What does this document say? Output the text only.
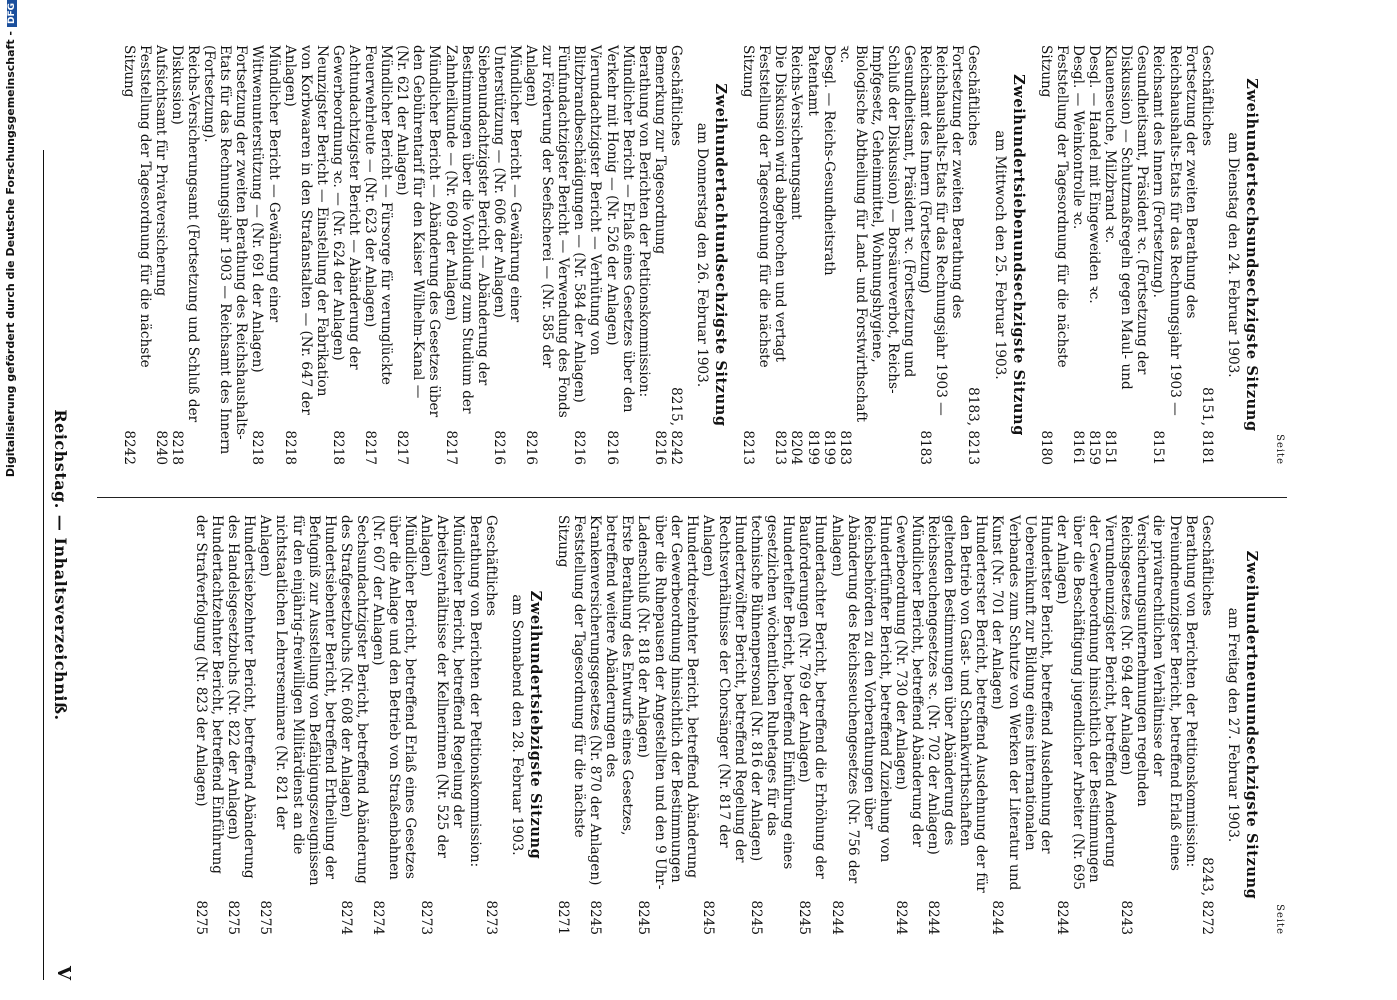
Reichstag. — Inhaltsverzeichniß.
V
Seite
Zweihundertsechsundsechzigste Sitzung
am Dienstag den 24. Februar 1903.
Geschäftliches
8151, 8181
Fortsetzung der zweiten Berathung des Reichshaushalts-Etats für das Rechnungsjahr 1903 — Reichsamt des Innern (Fortsetzung).
8151
Gesundheitsamt, Präsident ꝛc. (Fortsetzung der Diskussion) — Schutzmaßregeln gegen Maul- und Klauenseuche, Milzbrand ꝛc.
8151
Desgl. — Handel mit Eingeweiden ꝛc.
8159
Desgl. — Weinkontrolle ꝛc.
8161
Feststellung der Tagesordnung für die nächste Sitzung
8180
Zweihundertsiebenundsechzigste Sitzung
am Mittwoch den 25. Februar 1903.
Geschäftliches
8183, 8213
Fortsetzung der zweiten Berathung des Reichshaushalts-Etats für das Rechnungsjahr 1903 — Reichsamt des Innern (Fortsetzung)
8183
Gesundheitsamt, Präsident ꝛc. (Fortsetzung und Schluß der Diskussion) — Borsäureverbot, Reichs-Impfgesetz, Geheimmittel, Wohnungshygiene, Biologische Abtheilung für Land- und Forstwirthschaft ꝛc.
8183
Desgl. — Reichs-Gesundheitsrath
8199
Patentamt
8199
Reichs-Versicherungsamt
8204
Die Diskussion wird abgebrochen und vertagt
8213
Feststellung der Tagesordnung für die nächste Sitzung
8213
Zweihundertachtundsechzigste Sitzung
am Donnerstag den 26. Februar 1903.
Geschäftliches
8215, 8242
Bemerkung zur Tagesordnung
8216
Berathung von Berichten der Petitionskommission: Mündlicher Bericht — Erlaß eines Gesetzes über den Verkehr mit Honig — (Nr. 526 der Anlagen)
8216
Vierundachtzigster Bericht — Verhütung von Blitzbrandbeschädigungen — (Nr. 584 der Anlagen)
8216
Fünfundachtzigster Bericht — Verwendung des Fonds zur Förderung der Seefischerei — (Nr. 585 der Anlagen)
8216
Mündlicher Bericht — Gewährung einer Unterstützung — (Nr. 606 der Anlagen)
8216
Siebenundachtzigster Bericht — Abänderung der Bestimmungen über die Vorbildung zum Studium der Zahnheilkunde — (Nr. 609 der Anlagen)
8217
Mündlicher Bericht — Abänderung des Gesetzes über den Gebührentarif für den Kaiser Wilhelm-Kanal — (Nr. 621 der Anlagen)
8217
Mündlicher Bericht — Fürsorge für verunglückte Feuerwehrleute — (Nr. 623 der Anlagen)
8217
Achtundachtzigster Bericht — Abänderung der Gewerbeordnung ꝛc. — (Nr. 624 der Anlagen)
8218
Neunzigster Bericht — Einstellung der Fabrikation von Korbwaaren in den Strafanstalten — (Nr. 647 der Anlagen)
8218
Mündlicher Bericht — Gewährung einer Wittwenunterstützung — (Nr. 691 der Anlagen)
8218
Fortsetzung der zweiten Berathung des Reichshaushalts-Etats für das Rechnungsjahr 1903 — Reichsamt des Innern (Fortsetzung).
Reichs-Versicherungsamt (Fortsetzung und Schluß der Diskussion)
8218
Aufsichtsamt für Privatversicherung
8240
Feststellung der Tagesordnung für die nächste Sitzung
8242
Seite
Zweihundertneunundsechzigste Sitzung
am Freitag den 27. Februar 1903.
Geschäftliches
8243, 8272
Berathung von Berichten der Petitionskommission: Dreiundneunzigster Bericht, betreffend Erlaß eines die privatrechtlichen Verhältnisse der Versicherungsunternehmungen regelnden Reichsgesetzes (Nr. 694 der Anlagen)
8243
Vierundneunzigster Bericht, betreffend Aenderung der Gewerbeordnung hinsichtlich der Bestimmungen über die Beschäftigung jugendlicher Arbeiter (Nr. 695 der Anlagen)
8244
Hundertster Bericht, betreffend Ausdehnung der Uebereinkunft zur Bildung eines internationalen Verbandes zum Schutze von Werken der Literatur und Kunst (Nr. 701 der Anlagen)
8244
Hunderterster Bericht, betreffend Ausdehnung der für den Betrieb von Gast- und Schankwirthschaften geltenden Bestimmungen über Abänderung des Reichsseuchengesetzes ꝛc. (Nr. 702 der Anlagen)
8244
Mündlicher Bericht, betreffend Abänderung der Gewerbeordnung (Nr. 730 der Anlagen)
8244
Hundertfünfter Bericht, betreffend Zuziehung von Reichsbehörden zu den Vorberathungen über Abänderung des Reichsseuchengesetzes (Nr. 756 der Anlagen)
8244
Hundertachter Bericht, betreffend die Erhöhung der Bauforderungen (Nr. 769 der Anlagen)
8245
Hundertelfter Bericht, betreffend Einführung eines gesetzlichen wöchentlichen Ruhetages für das technische Bühnenpersonal (Nr. 816 der Anlagen)
8245
Hundertzwölfter Bericht, betreffend Regelung der Rechtsverhältnisse der Chorsänger (Nr. 817 der Anlagen)
8245
Hundertdreizehnter Bericht, betreffend Abänderung der Gewerbeordnung hinsichtlich der Bestimmungen über die Ruhepausen der Angestellten und den 9 Uhr-Ladenschluß (Nr. 818 der Anlagen)
8245
Erste Berathung des Entwurfs eines Gesetzes, betreffend weitere Abänderungen des Krankenversicherungsgesetzes (Nr. 870 der Anlagen)
8245
Feststellung der Tagesordnung für die nächste Sitzung
8271
Zweihundertsiebzigste Sitzung
am Sonnabend den 28. Februar 1903.
Geschäftliches
8273
Berathung von Berichten der Petitionskommission: Mündlicher Bericht, betreffend Regelung der Arbeitsverhältnisse der Kellnerinnen (Nr. 525 der Anlagen)
8273
Mündlicher Bericht, betreffend Erlaß eines Gesetzes über die Anlage und den Betrieb von Straßenbahnen (Nr. 607 der Anlagen)
8274
Sechsundachtzigster Bericht, betreffend Abänderung des Strafgesetzbuchs (Nr. 608 der Anlagen)
8274
Hundertsiebenter Bericht, betreffend Ertheilung der Befugniß zur Ausstellung von Befähigungszeugnissen für den einjährig-freiwilligen Militärdienst an die nichtstaatlichen Lehrerseminare (Nr. 821 der Anlagen)
8275
Hundertsiebzehnter Bericht, betreffend Abänderung des Handelsgesetzbuchs (Nr. 822 der Anlagen)
8275
Hundertachtzehnter Bericht, betreffend Einführung der Strafverfolgung (Nr. 823 der Anlagen)
8275
Digitalisierung gefördert durch die Deutsche Forschungsgemeinschaft -DFG
